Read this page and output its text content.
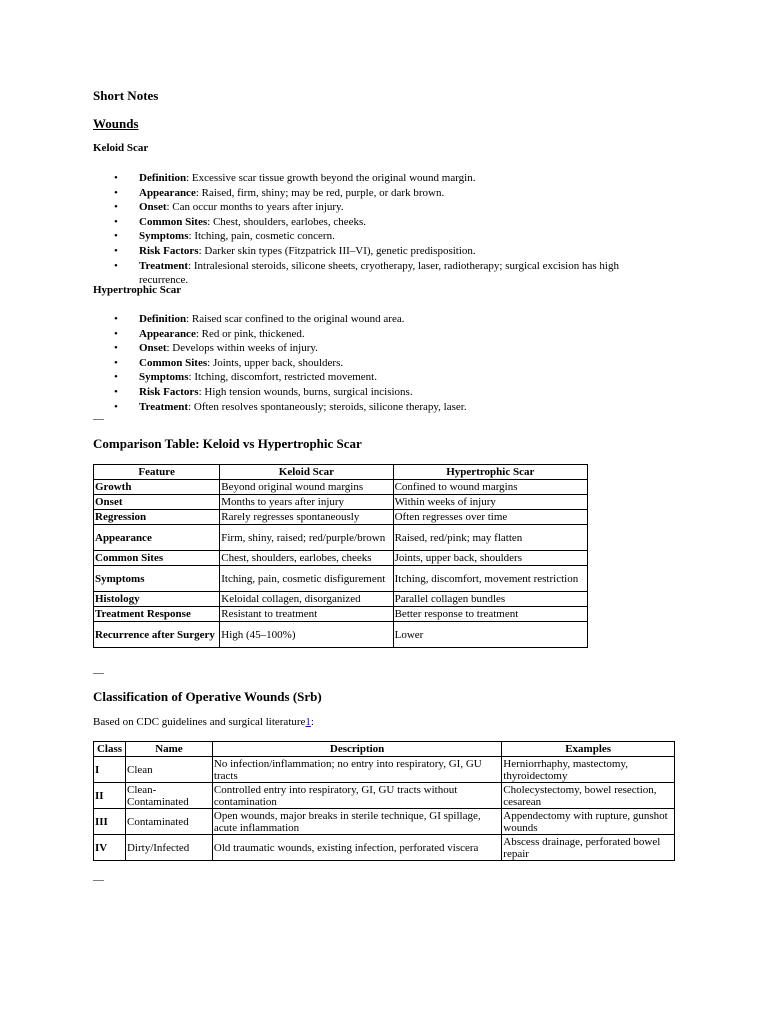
Short Notes
Wounds
Keloid Scar
• Definition: Excessive scar tissue growth beyond the original wound margin.
• Appearance: Raised, firm, shiny; may be red, purple, or dark brown.
• Onset: Can occur months to years after injury.
• Common Sites: Chest, shoulders, earlobes, cheeks.
• Symptoms: Itching, pain, cosmetic concern.
• Risk Factors: Darker skin types (Fitzpatrick III–VI), genetic predisposition.
• Treatment: Intralesional steroids, silicone sheets, cryotherapy, laser, radiotherapy; surgical excision has high recurrence.
Hypertrophic Scar
• Definition: Raised scar confined to the original wound area.
• Appearance: Red or pink, thickened.
• Onset: Develops within weeks of injury.
• Common Sites: Joints, upper back, shoulders.
• Symptoms: Itching, discomfort, restricted movement.
• Risk Factors: High tension wounds, burns, surgical incisions.
• Treatment: Often resolves spontaneously; steroids, silicone therapy, laser.
—
Comparison Table: Keloid vs Hypertrophic Scar
Feature	Keloid Scar	Hypertrophic Scar
Growth	Beyond original wound margins	Confined to wound margins
Onset	Months to years after injury	Within weeks of injury
Regression	Rarely regresses spontaneously	Often regresses over time
Appearance	Firm, shiny, raised; red/purple/brown	Raised, red/pink; may flatten
Common Sites	Chest, shoulders, earlobes, cheeks	Joints, upper back, shoulders
Symptoms	Itching, pain, cosmetic disfigurement	Itching, discomfort, movement restriction
Histology	Keloidal collagen, disorganized	Parallel collagen bundles
Treatment Response	Resistant to treatment	Better response to treatment
Recurrence after Surgery	High (45–100%)	Lower
—
Classification of Operative Wounds (Srb)
Based on CDC guidelines and surgical literature1:
Class	Name	Description	Examples
I	Clean	No infection/inflammation; no entry into respiratory, GI, GU tracts	Herniorrhaphy, mastectomy, thyroidectomy
II	Clean-Contaminated	Controlled entry into respiratory, GI, GU tracts without contamination	Cholecystectomy, bowel resection, cesarean
III	Contaminated	Open wounds, major breaks in sterile technique, GI spillage, acute inflammation	Appendectomy with rupture, gunshot wounds
IV	Dirty/Infected	Old traumatic wounds, existing infection, perforated viscera	Abscess drainage, perforated bowel repair
—
